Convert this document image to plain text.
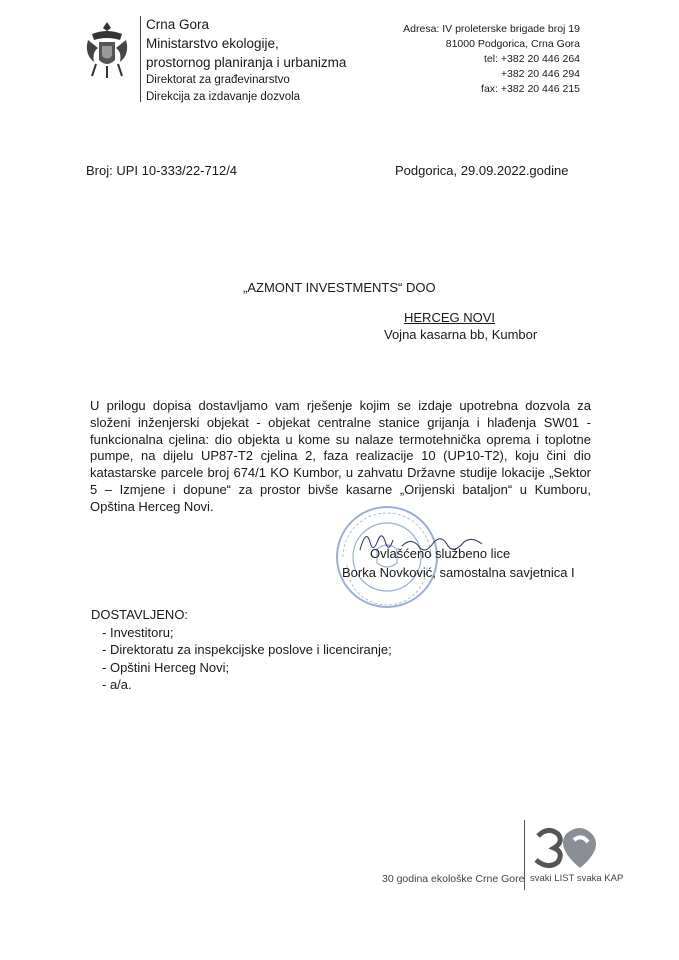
Crna Gora
Ministarstvo ekologije,
prostornog planiranja i urbanizma
Direktorat za građevinarstvo
Direkcija za izdavanje dozvola
Adresa: IV proleterske brigade broj 19
81000 Podgorica, Crna Gora
tel: +382 20 446 264
+382 20 446 294
fax: +382 20 446 215
Broj: UPI 10-333/22-712/4	Podgorica, 29.09.2022.godine
„AZMONT INVESTMENTS“ DOO
HERCEG NOVI
Vojna kasarna bb, Kumbor
U prilogu dopisa dostavljamo vam rješenje kojim se izdaje upotrebna dozvola za složeni inženjerski objekat - objekat centralne stanice grijanja i hlađenja SW01 - funkcionalna cjelina: dio objekta u kome su nalaze termotehnička oprema i toplotne pumpe, na dijelu UP87-T2 cjelina 2, faza realizacije 10 (UP10-T2), koju čini dio katastarske parcele broj 674/1 KO Kumbor, u zahvatu Državne studije lokacije „Sektor 5 – Izmjene i dopune“ za prostor bivše kasarne „Orijenski bataljon“ u Kumboru, Opština Herceg Novi.
Ovlašćeno službeno lice
Borka Novković, samostalna savjetnica I
DOSTAVLJENO:
- Investitoru;
- Direktoratu za inspekcijske poslove i licenciranje;
- Opštini Herceg Novi;
- a/a.
30 godina ekološke Crne Gore svaki LIST svaka KAP
